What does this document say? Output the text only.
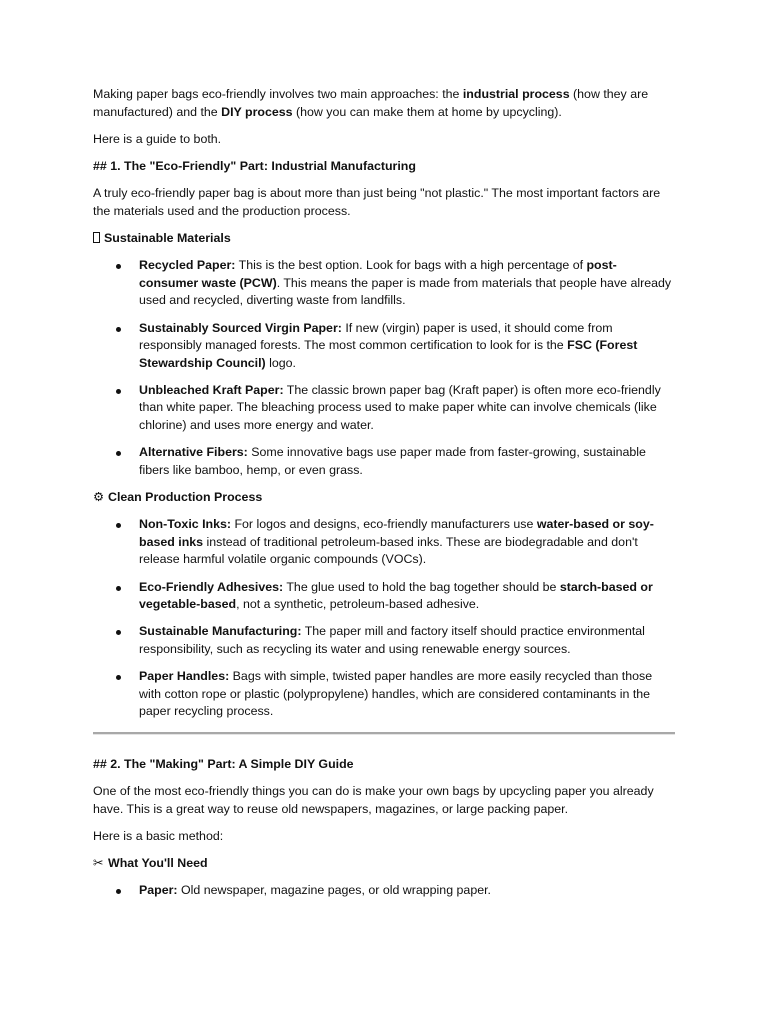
Making paper bags eco-friendly involves two main approaches: the industrial process (how they are manufactured) and the DIY process (how you can make them at home by upcycling).

Here is a guide to both.

## 1. The "Eco-Friendly" Part: Industrial Manufacturing

A truly eco-friendly paper bag is about more than just being "not plastic." The most important factors are the materials used and the production process.

Sustainable Materials

Recycled Paper: This is the best option. Look for bags with a high percentage of post-consumer waste (PCW). This means the paper is made from materials that people have already used and recycled, diverting waste from landfills.
Sustainably Sourced Virgin Paper: If new (virgin) paper is used, it should come from responsibly managed forests. The most common certification to look for is the FSC (Forest Stewardship Council) logo.
Unbleached Kraft Paper: The classic brown paper bag (Kraft paper) is often more eco-friendly than white paper. The bleaching process used to make paper white can involve chemicals (like chlorine) and uses more energy and water.
Alternative Fibers: Some innovative bags use paper made from faster-growing, sustainable fibers like bamboo, hemp, or even grass.

⚙ Clean Production Process

Non-Toxic Inks: For logos and designs, eco-friendly manufacturers use water-based or soy-based inks instead of traditional petroleum-based inks. These are biodegradable and don't release harmful volatile organic compounds (VOCs).
Eco-Friendly Adhesives: The glue used to hold the bag together should be starch-based or vegetable-based, not a synthetic, petroleum-based adhesive.
Sustainable Manufacturing: The paper mill and factory itself should practice environmental responsibility, such as recycling its water and using renewable energy sources.
Paper Handles: Bags with simple, twisted paper handles are more easily recycled than those with cotton rope or plastic (polypropylene) handles, which are considered contaminants in the paper recycling process.

## 2. The "Making" Part: A Simple DIY Guide

One of the most eco-friendly things you can do is make your own bags by upcycling paper you already have. This is a great way to reuse old newspapers, magazines, or large packing paper.

Here is a basic method:

✂ What You'll Need

Paper: Old newspaper, magazine pages, or old wrapping paper.
